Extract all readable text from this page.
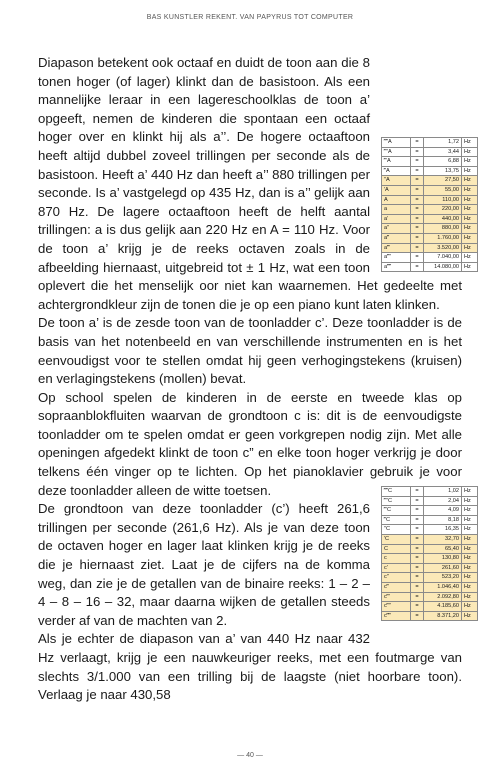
BAS KUNSTLER REKENT. VAN PAPYRUS TOT COMPUTER
‴‴A	=	1,72	Hz
‴″A	=	3,44	Hz
‴′A	=	6,88	Hz
‴A	=	13,75	Hz
″A	=	27,50	Hz
′A	=	55,00	Hz
A	=	110,00	Hz
a	=	220,00	Hz
a′	=	440,00	Hz
a″	=	880,00	Hz
a‴	=	1.760,00	Hz
a‴′	=	3.520,00	Hz
a‴″	=	7.040,00	Hz
a‴‴	=	14.080,00	Hz
‴‴C	=	1,02	Hz
‴″C	=	2,04	Hz
‴′C	=	4,09	Hz
‴C	=	8,18	Hz
″C	=	16,35	Hz
′C	=	32,70	Hz
C	=	65,40	Hz
c	=	130,80	Hz
c′	=	261,60	Hz
c″	=	523,20	Hz
c‴	=	1.046,40	Hz
c‴′	=	2.092,80	Hz
c‴″	=	4.185,60	Hz
c‴‴	=	8.371,20	Hz

Diapason betekent ook octaaf en duidt de toon aan die 8 tonen hoger (of lager) klinkt dan de basistoon. Als een mannelijke leraar in een lagereschoolklas de toon a’ opgeeft, nemen de kinderen die spontaan een octaaf hoger over en klinkt hij als a’’. De hogere octaaftoon heeft altijd dubbel zoveel trillingen per seconde als de basistoon. Heeft a’ 440 Hz dan heeft a’’ 880 trillingen per seconde. Is a’ vastgelegd op 435 Hz, dan is a’’ gelijk aan 870 Hz. De lagere octaaftoon heeft de helft aantal trillingen: a is dus gelijk aan 220 Hz en A = 110 Hz. Voor de toon a’ krijg je de reeks octaven zoals in de afbeelding hiernaast, uitgebreid tot ± 1 Hz, wat een toon oplevert die het menselijk oor niet kan waarnemen. Het gedeelte met achtergrondkleur zijn de tonen die je op een piano kunt laten klinken.

De toon a’ is de zesde toon van de toonladder c’. Deze toonladder is de basis van het notenbeeld en van verschillende instrumenten en is het eenvoudigst voor te stellen omdat hij geen verhogingstekens (kruisen) en verlagingstekens (mollen) bevat.

Op school spelen de kinderen in de eerste en tweede klas op sopraanblokfluiten waarvan de grondtoon c is: dit is de eenvoudigste toonladder om te spelen omdat er geen vorkgrepen nodig zijn. Met alle openingen afgedekt klinkt de toon c” en elke toon hoger verkrijg je door telkens één vinger op te lichten. Op het pianoklavier gebruik je voor deze toonladder alleen de witte toetsen.

De grondtoon van deze toonladder (c’) heeft 261,6 trillingen per seconde (261,6 Hz). Als je van deze toon de octaven hoger en lager laat klinken krijg je de reeks die je hiernaast ziet. Laat je de cijfers na de komma weg, dan zie je de getallen van de binaire reeks: 1 – 2 – 4 – 8 – 16 – 32, maar daarna wijken de getallen steeds verder af van de machten van 2.

Als je echter de diapason van a’ van 440 Hz naar 432 Hz verlaagt, krijg je een nauwkeuriger reeks, met een foutmarge van slechts 3/1.000 van een trilling bij de laagste (niet hoorbare toon). Verlaag je naar 430,58

— 40 —
